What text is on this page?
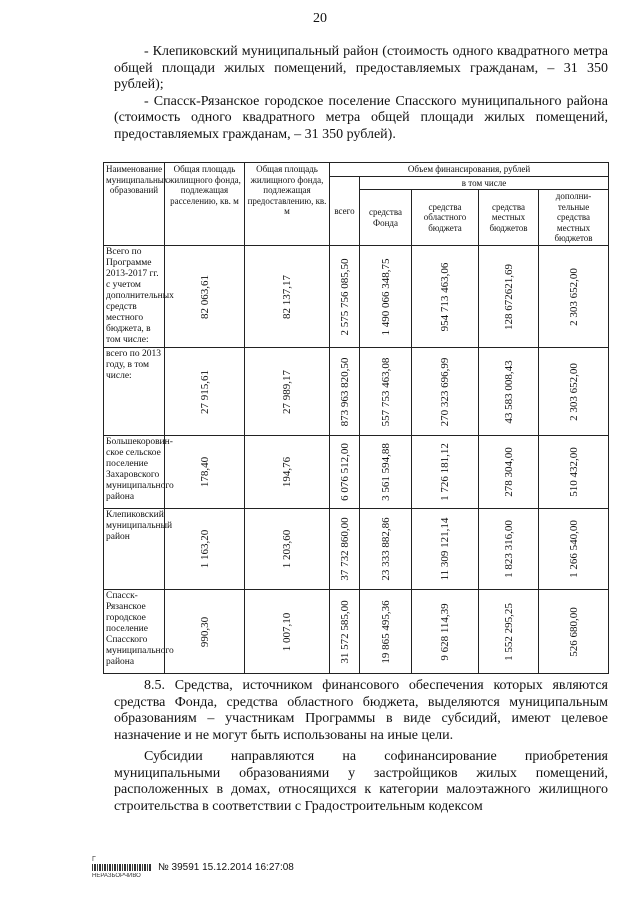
20

- Клепиковский муниципальный район (стоимость одного квадратного метра общей площади жилых помещений, предоставляемых гражданам, – 31 350 рублей);

- Спасск-Рязанское городское поселение Спасского муниципального района (стоимость одного квадратного метра общей площади жилых помещений, предоставляемых гражданам, – 31 350 рублей).

Наименование муниципальных образований	Общая площадь жилищного фонда, подлежащая расселению, кв. м	Общая площадь жилищного фонда, подлежащая предоставлению, кв. м	Объем финансирования, рублей				
			всего	в том числе			
				средства Фонда	средства областного бюджета	средства местных бюджетов	дополни-тельные средства местных бюджетов
Всего по Программе 2013-2017 гг. с учетом дополнительных средств местного бюджета, в том числе:	82 063,61	82 137,17	2 575 756 085,50	1 490 066 348,75	954 713 463,06	128 672621,69	2 303 652,00

всего по 2013 году, в том числе:	27 915,61	27 989,17	873 963 820,50	557 753 463,08	270 323 696,99	43 583 008,43	2 303 652,00

Большекоровин-ское сельское поселение Захаровского муниципального района	178,40	194,76	6 076 512,00	3 561 594,88	1 726 181,12	278 304,00	510 432,00

Клепиковский муниципальный район	1 163,20	1 203,60	37 732 860,00	23 333 882,86	11 309 121,14	1 823 316,00	1 266 540,00

Спасск-Рязанское городское поселение Спасского муниципального района	990,30	1 007,10	31 572 585,00	19 865 495,36	9 628 114,39	1 552 295,25	526 680,00

8.5. Средства, источником финансового обеспечения которых являются средства Фонда, средства областного бюджета, выделяются муниципальным образованиям – участникам Программы в виде субсидий, имеют целевое назначение и не могут быть использованы на иные цели.

Субсидии направляются на софинансирование приобретения муниципальными образованиями у застройщиков жилых помещений, расположенных в домах, относящихся к категории малоэтажного жилищного строительства в соответствии с Градостроительным кодексом

Г
НЕРАЗБОРЧИВО
№ 39591 15.12.2014 16:27:08
